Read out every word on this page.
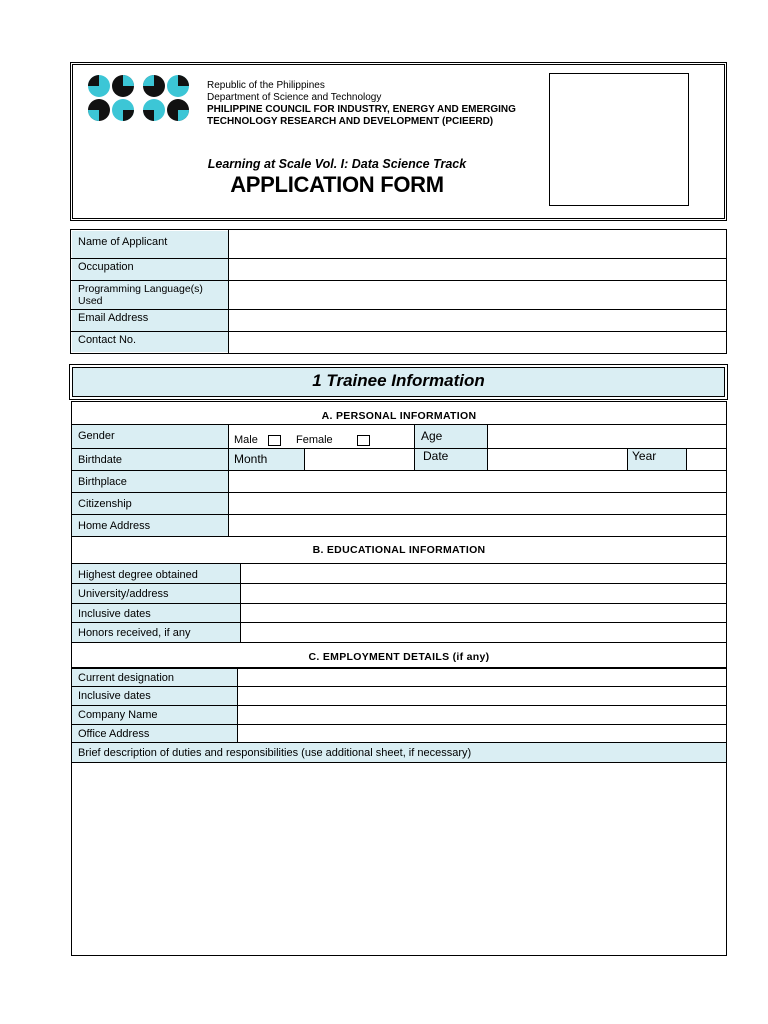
Republic of the Philippines
Department of Science and Technology
PHILIPPINE COUNCIL FOR INDUSTRY, ENERGY AND EMERGING
TECHNOLOGY RESEARCH AND DEVELOPMENT (PCIEERD)
Learning at Scale Vol. I: Data Science Track
APPLICATION FORM
Name of Applicant
Occupation
Programming Language(s) Used
Email Address
Contact No.
1 Trainee Information
A. PERSONAL INFORMATION
Gender	Male	Female	Age
Birthdate	Month	Date	Year
Birthplace
Citizenship
Home Address
B. EDUCATIONAL INFORMATION
Highest degree obtained
University/address
Inclusive dates
Honors received, if any
C. EMPLOYMENT DETAILS (if any)
Current designation
Inclusive dates
Company Name
Office Address
Brief description of duties and responsibilities (use additional sheet, if necessary)
